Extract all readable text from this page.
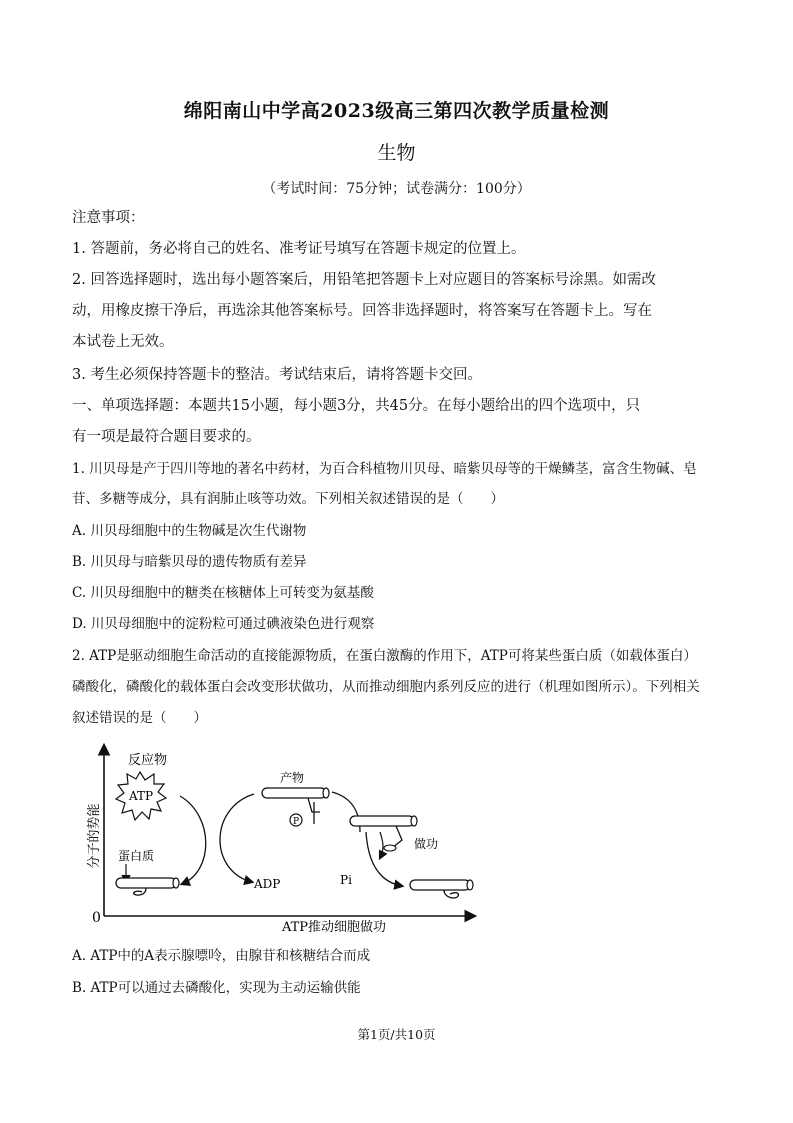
绵阳南山中学高2023级高三第四次教学质量检测
生物
（考试时间：75分钟；试卷满分：100分）
注意事项：
1. 答题前，务必将自己的姓名、准考证号填写在答题卡规定的位置上。
2. 回答选择题时，选出每小题答案后，用铅笔把答题卡上对应题目的答案标号涂黑。如需改
动，用橡皮擦干净后，再选涂其他答案标号。回答非选择题时，将答案写在答题卡上。写在
本试卷上无效。
3. 考生必须保持答题卡的整洁。考试结束后，请将答题卡交回。
一、单项选择题：本题共15小题，每小题3分，共45分。在每小题给出的四个选项中，只
有一项是最符合题目要求的。
1. 川贝母是产于四川等地的著名中药材，为百合科植物川贝母、暗紫贝母等的干燥鳞茎，富含生物碱、皂
苷、多糖等成分，具有润肺止咳等功效。下列相关叙述错误的是（　　）
A. 川贝母细胞中的生物碱是次生代谢物
B. 川贝母与暗紫贝母的遗传物质有差异
C. 川贝母细胞中的糖类在核糖体上可转变为氨基酸
D. 川贝母细胞中的淀粉粒可通过碘液染色进行观察
2. ATP是驱动细胞生命活动的直接能源物质，在蛋白激酶的作用下，ATP可将某些蛋白质（如载体蛋白）
磷酸化，磷酸化的载体蛋白会改变形状做功，从而推动细胞内系列反应的进行（机理如图所示）。下列相关
叙述错误的是（　　）
0
分子的势能
ATP推动细胞做功
反应物
ATP
蛋白质
ADP
产物
P
做功
Pi
A. ATP中的A表示腺嘌呤，由腺苷和核糖结合而成
B. ATP可以通过去磷酸化，实现为主动运输供能
第1页/共10页
